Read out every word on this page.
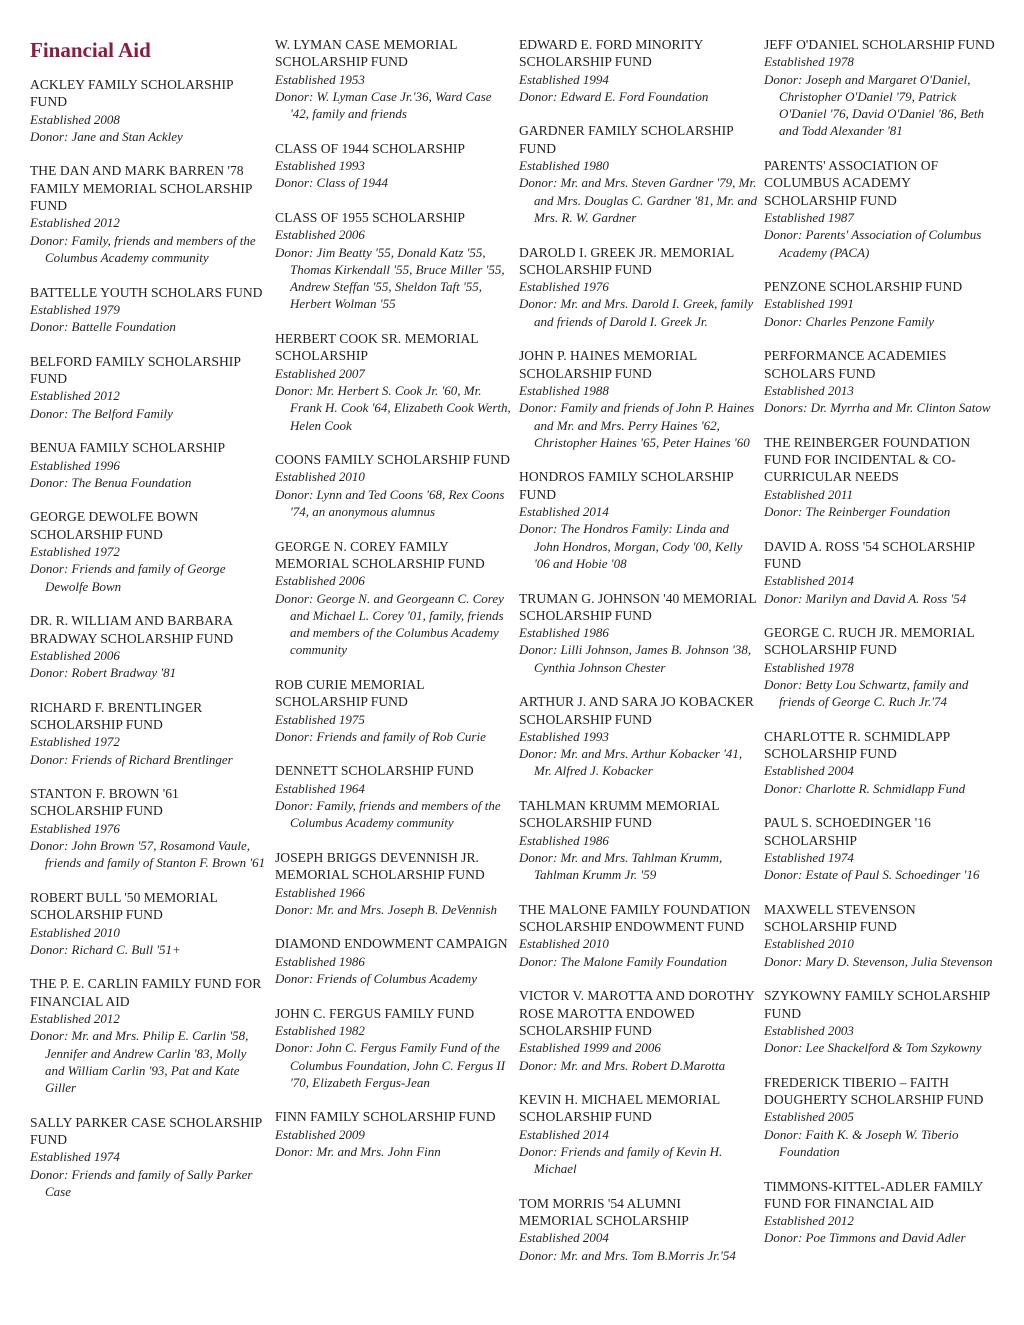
Financial Aid
ACKLEY FAMILY SCHOLARSHIP FUND
Established 2008
Donor: Jane and Stan Ackley
THE DAN AND MARK BARREN '78 FAMILY MEMORIAL SCHOLARSHIP FUND
Established 2012
Donor: Family, friends and members of the Columbus Academy community
BATTELLE YOUTH SCHOLARS FUND
Established 1979
Donor: Battelle Foundation
BELFORD FAMILY SCHOLARSHIP FUND
Established 2012
Donor: The Belford Family
BENUA FAMILY SCHOLARSHIP
Established 1996
Donor: The Benua Foundation
GEORGE DEWOLFE BOWN SCHOLARSHIP FUND
Established 1972
Donor: Friends and family of George Dewolfe Bown
DR. R. WILLIAM AND BARBARA BRADWAY SCHOLARSHIP FUND
Established 2006
Donor: Robert Bradway '81
RICHARD F. BRENTLINGER SCHOLARSHIP FUND
Established 1972
Donor: Friends of Richard Brentlinger
STANTON F. BROWN '61 SCHOLARSHIP FUND
Established 1976
Donor: John Brown '57, Rosamond Vaule, friends and family of Stanton F. Brown '61
ROBERT BULL '50 MEMORIAL SCHOLARSHIP FUND
Established 2010
Donor: Richard C. Bull '51+
THE P. E. CARLIN FAMILY FUND FOR FINANCIAL AID
Established 2012
Donor: Mr. and Mrs. Philip E. Carlin '58, Jennifer and Andrew Carlin '83, Molly and William Carlin '93, Pat and Kate Giller
SALLY PARKER CASE SCHOLARSHIP FUND
Established 1974
Donor: Friends and family of Sally Parker Case
W. LYMAN CASE MEMORIAL SCHOLARSHIP FUND
Established 1953
Donor: W. Lyman Case Jr.'36, Ward Case '42, family and friends
CLASS OF 1944 SCHOLARSHIP
Established 1993
Donor: Class of 1944
CLASS OF 1955 SCHOLARSHIP
Established 2006
Donor: Jim Beatty '55, Donald Katz '55, Thomas Kirkendall '55, Bruce Miller '55, Andrew Steffan '55, Sheldon Taft '55, Herbert Wolman '55
HERBERT COOK SR. MEMORIAL SCHOLARSHIP
Established 2007
Donor: Mr. Herbert S. Cook Jr. '60, Mr. Frank H. Cook '64, Elizabeth Cook Werth, Helen Cook
COONS FAMILY SCHOLARSHIP FUND
Established 2010
Donor: Lynn and Ted Coons '68, Rex Coons '74, an anonymous alumnus
GEORGE N. COREY FAMILY MEMORIAL SCHOLARSHIP FUND
Established 2006
Donor: George N. and Georgeann C. Corey and Michael L. Corey '01, family, friends and members of the Columbus Academy community
ROB CURIE MEMORIAL SCHOLARSHIP FUND
Established 1975
Donor: Friends and family of Rob Curie
DENNETT SCHOLARSHIP FUND
Established 1964
Donor: Family, friends and members of the Columbus Academy community
JOSEPH BRIGGS DEVENNISH JR. MEMORIAL SCHOLARSHIP FUND
Established 1966
Donor: Mr. and Mrs. Joseph B. DeVennish
DIAMOND ENDOWMENT CAMPAIGN
Established 1986
Donor: Friends of Columbus Academy
JOHN C. FERGUS FAMILY FUND
Established 1982
Donor: John C. Fergus Family Fund of the Columbus Foundation, John C. Fergus II '70, Elizabeth Fergus-Jean
FINN FAMILY SCHOLARSHIP FUND
Established 2009
Donor: Mr. and Mrs. John Finn
EDWARD E. FORD MINORITY SCHOLARSHIP FUND
Established 1994
Donor: Edward E. Ford Foundation
GARDNER FAMILY SCHOLARSHIP FUND
Established 1980
Donor: Mr. and Mrs. Steven Gardner '79, Mr. and Mrs. Douglas C. Gardner '81, Mr. and Mrs. R. W. Gardner
DAROLD I. GREEK JR. MEMORIAL SCHOLARSHIP FUND
Established 1976
Donor: Mr. and Mrs. Darold I. Greek, family and friends of Darold I. Greek Jr.
JOHN P. HAINES MEMORIAL SCHOLARSHIP FUND
Established 1988
Donor: Family and friends of John P. Haines and Mr. and Mrs. Perry Haines '62, Christopher Haines '65, Peter Haines '60
HONDROS FAMILY SCHOLARSHIP FUND
Established 2014
Donor: The Hondros Family: Linda and John Hondros, Morgan, Cody '00, Kelly '06 and Hobie '08
TRUMAN G. JOHNSON '40 MEMORIAL SCHOLARSHIP FUND
Established 1986
Donor: Lilli Johnson, James B. Johnson '38, Cynthia Johnson Chester
ARTHUR J. AND SARA JO KOBACKER SCHOLARSHIP FUND
Established 1993
Donor: Mr. and Mrs. Arthur Kobacker '41, Mr. Alfred J. Kobacker
TAHLMAN KRUMM MEMORIAL SCHOLARSHIP FUND
Established 1986
Donor: Mr. and Mrs. Tahlman Krumm, Tahlman Krumm Jr. '59
THE MALONE FAMILY FOUNDATION SCHOLARSHIP ENDOWMENT FUND
Established 2010
Donor: The Malone Family Foundation
VICTOR V. MAROTTA AND DOROTHY ROSE MAROTTA ENDOWED SCHOLARSHIP FUND
Established 1999 and 2006
Donor: Mr. and Mrs. Robert D.Marotta
KEVIN H. MICHAEL MEMORIAL SCHOLARSHIP FUND
Established 2014
Donor: Friends and family of Kevin H. Michael
TOM MORRIS '54 ALUMNI MEMORIAL SCHOLARSHIP
Established 2004
Donor: Mr. and Mrs. Tom B.Morris Jr.'54
JEFF O'DANIEL SCHOLARSHIP FUND
Established 1978
Donor: Joseph and Margaret O'Daniel, Christopher O'Daniel '79, Patrick O'Daniel '76, David O'Daniel '86, Beth and Todd Alexander '81
PARENTS' ASSOCIATION OF COLUMBUS ACADEMY SCHOLARSHIP FUND
Established 1987
Donor: Parents' Association of Columbus Academy (PACA)
PENZONE SCHOLARSHIP FUND
Established 1991
Donor: Charles Penzone Family
PERFORMANCE ACADEMIES SCHOLARS FUND
Established 2013
Donors: Dr. Myrrha and Mr. Clinton Satow
THE REINBERGER FOUNDATION FUND FOR INCIDENTAL & CO-CURRICULAR NEEDS
Established 2011
Donor: The Reinberger Foundation
DAVID A. ROSS '54 SCHOLARSHIP FUND
Established 2014
Donor: Marilyn and David A. Ross '54
GEORGE C. RUCH JR. MEMORIAL SCHOLARSHIP FUND
Established 1978
Donor: Betty Lou Schwartz, family and friends of George C. Ruch Jr.'74
CHARLOTTE R. SCHMIDLAPP SCHOLARSHIP FUND
Established 2004
Donor: Charlotte R. Schmidlapp Fund
PAUL S. SCHOEDINGER '16 SCHOLARSHIP
Established 1974
Donor: Estate of Paul S. Schoedinger '16
MAXWELL STEVENSON SCHOLARSHIP FUND
Established 2010
Donor: Mary D. Stevenson, Julia Stevenson
SZYKOWNY FAMILY SCHOLARSHIP FUND
Established 2003
Donor: Lee Shackelford & Tom Szykowny
FREDERICK TIBERIO – FAITH DOUGHERTY SCHOLARSHIP FUND
Established 2005
Donor: Faith K. & Joseph W. Tiberio Foundation
TIMMONS-KITTEL-ADLER FAMILY FUND FOR FINANCIAL AID
Established 2012
Donor: Poe Timmons and David Adler
